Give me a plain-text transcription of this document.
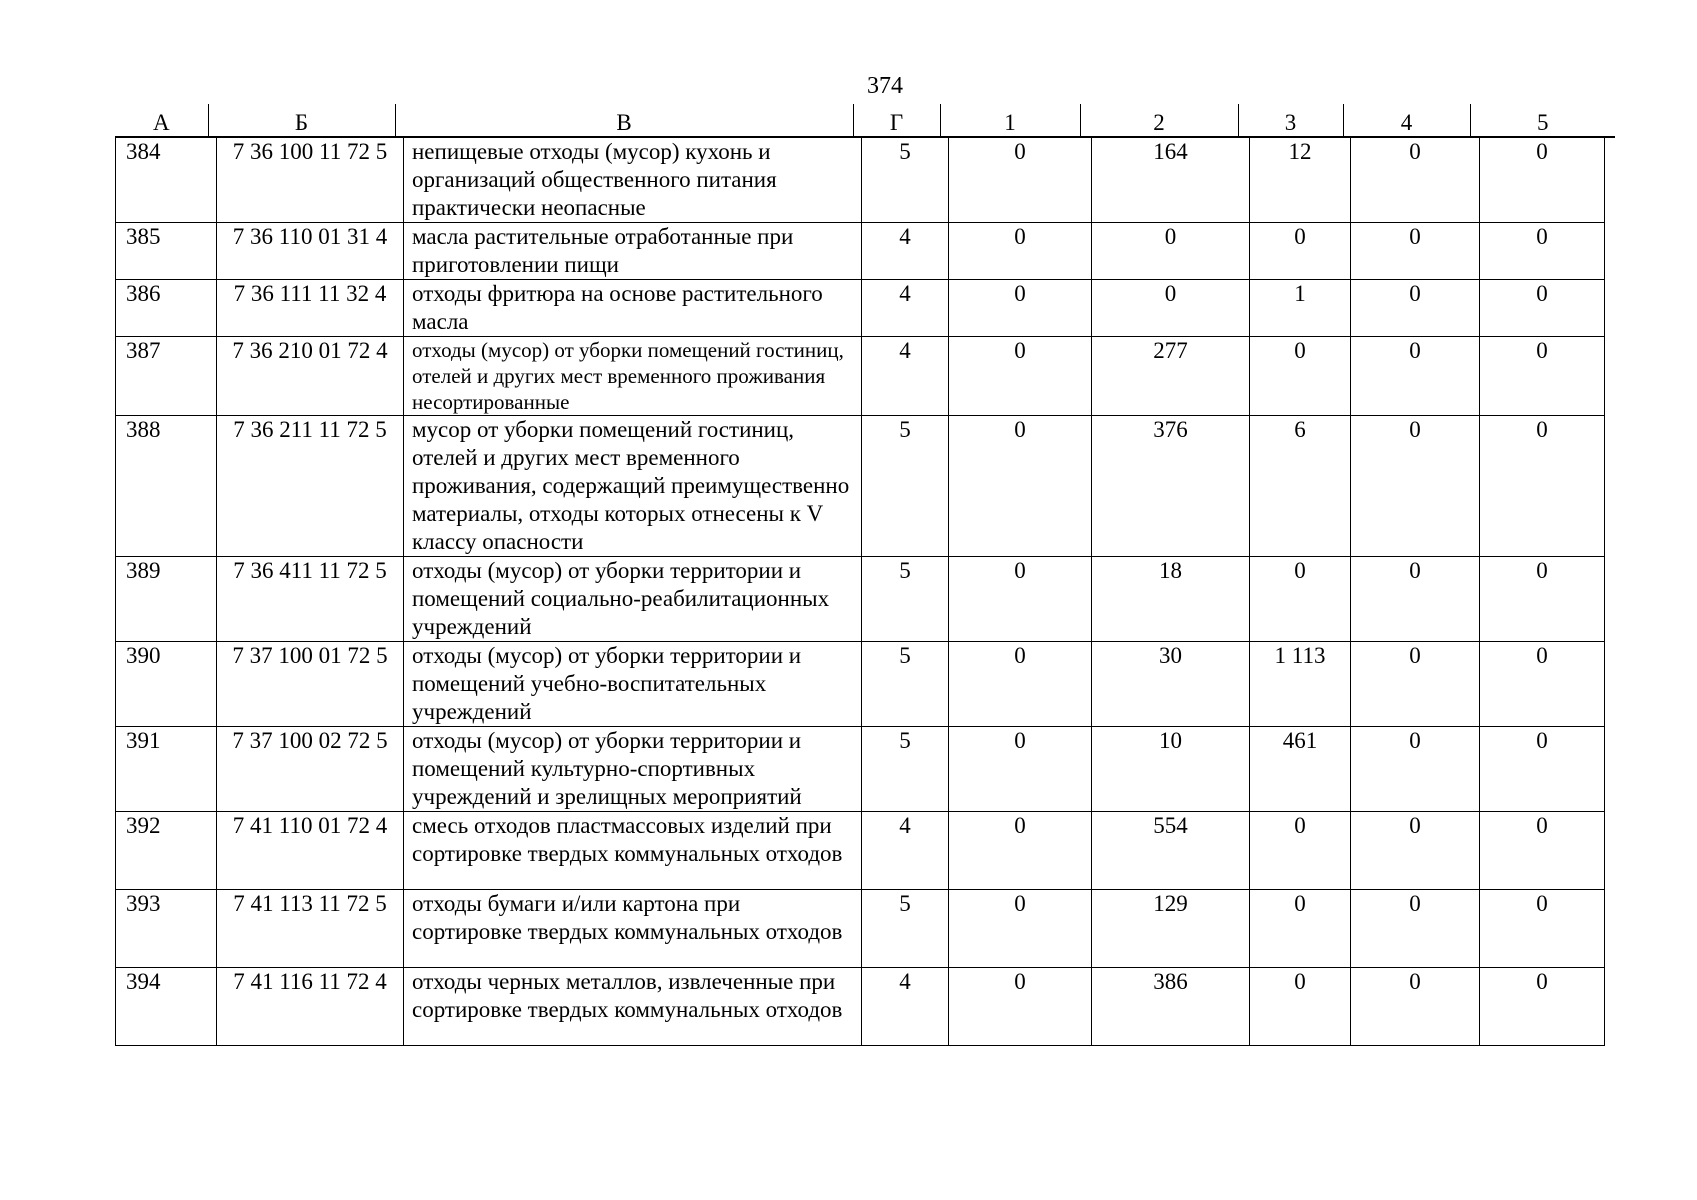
374
А	Б	В	Г	1	2	3	4	5
384	7 36 100 11 72 5	непищевые отходы (мусор) кухонь и организаций общественного питания практически неопасные	5	0	164	12	0	0
385	7 36 110 01 31 4	масла растительные отработанные при приготовлении пищи	4	0	0	0	0	0
386	7 36 111 11 32 4	отходы фритюра на основе растительного масла	4	0	0	1	0	0
387	7 36 210 01 72 4	отходы (мусор) от уборки помещений гостиниц, отелей и других мест временного проживания несортированные	4	0	277	0	0	0
388	7 36 211 11 72 5	мусор от уборки помещений гостиниц, отелей и других мест временного проживания, содержащий преимущественно материалы, отходы которых отнесены к V классу опасности	5	0	376	6	0	0
389	7 36 411 11 72 5	отходы (мусор) от уборки территории и помещений социально-реабилитационных учреждений	5	0	18	0	0	0
390	7 37 100 01 72 5	отходы (мусор) от уборки территории и помещений учебно-воспитательных учреждений	5	0	30	1 113	0	0
391	7 37 100 02 72 5	отходы (мусор) от уборки территории и помещений культурно-спортивных учреждений и зрелищных мероприятий	5	0	10	461	0	0
392	7 41 110 01 72 4	смесь отходов пластмассовых изделий при сортировке твердых коммунальных отходов	4	0	554	0	0	0
393	7 41 113 11 72 5	отходы бумаги и/или картона при сортировке твердых коммунальных отходов	5	0	129	0	0	0
394	7 41 116 11 72 4	отходы черных металлов, извлеченные при сортировке твердых коммунальных отходов	4	0	386	0	0	0
